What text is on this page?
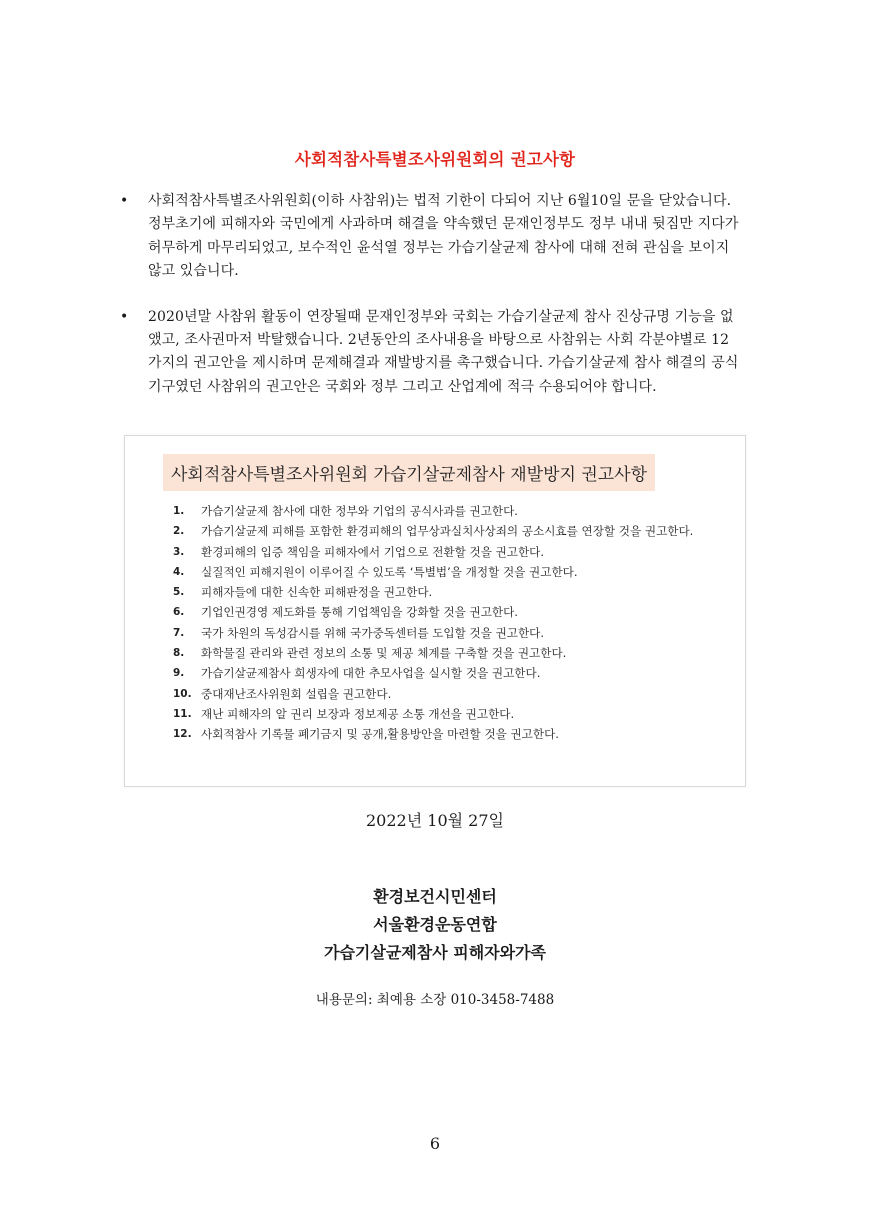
사회적참사특별조사위원회의 권고사항
• 사회적참사특별조사위원회(이하 사참위)는 법적 기한이 다되어 지난 6월10일 문을 닫았습니다. 정부초기에 피해자와 국민에게 사과하며 해결을 약속했던 문재인정부도 정부 내내 뒷짐만 지다가 허무하게 마무리되었고, 보수적인 윤석열 정부는 가습기살균제 참사에 대해 전혀 관심을 보이지 않고 있습니다.
• 2020년말 사참위 활동이 연장될때 문재인정부와 국회는 가습기살균제 참사 진상규명 기능을 없앴고, 조사권마저 박탈했습니다. 2년동안의 조사내용을 바탕으로 사참위는 사회 각분야별로 12가지의 권고안을 제시하며 문제해결과 재발방지를 촉구했습니다. 가습기살균제 참사 해결의 공식기구였던 사참위의 권고안은 국회와 정부 그리고 산업계에 적극 수용되어야 합니다.
사회적참사특별조사위원회 가습기살균제참사 재발방지 권고사항
1. 가습기살균제 참사에 대한 정부와 기업의 공식사과를 권고한다.
2. 가습기살균제 피해를 포함한 환경피해의 업무상과실치사상죄의 공소시효를 연장할 것을 권고한다.
3. 환경피해의 입증 책임을 피해자에서 기업으로 전환할 것을 권고한다.
4. 실질적인 피해지원이 이루어질 수 있도록 ‘특별법’을 개정할 것을 권고한다.
5. 피해자들에 대한 신속한 피해판정을 권고한다.
6. 기업인권경영 제도화를 통해 기업책임을 강화할 것을 권고한다.
7. 국가 차원의 독성감시를 위해 국가중독센터를 도입할 것을 권고한다.
8. 화학물질 관리와 관련 정보의 소통 및 제공 체계를 구축할 것을 권고한다.
9. 가습기살균제참사 희생자에 대한 추모사업을 실시할 것을 권고한다.
10. 중대재난조사위원회 설립을 권고한다.
11. 재난 피해자의 알 권리 보장과 정보제공 소통 개선을 권고한다.
12. 사회적참사 기록물 폐기금지 및 공개,활용방안을 마련할 것을 권고한다.
2022년 10월 27일
환경보건시민센터
서울환경운동연합
가습기살균제참사 피해자와가족
내용문의: 최예용 소장 010-3458-7488
6
